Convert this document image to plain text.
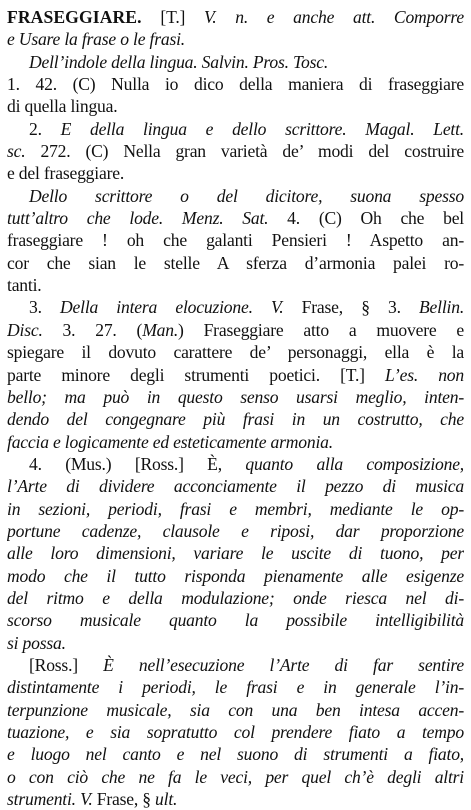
FRASEGGIARE. [T.] V. n. e anche att. Comporre
e Usare la frase o le frasi.
Dell’indole della lingua. Salvin. Pros. Tosc.
1. 42. (C) Nulla io dico della maniera di fraseggiare
di quella lingua.
2. E della lingua e dello scrittore. Magal. Lett.
sc. 272. (C) Nella gran varietà de’ modi del costruire
e del fraseggiare.
Dello scrittore o del dicitore, suona spesso
tutt’altro che lode. Menz. Sat. 4. (C) Oh che bel
fraseggiare ! oh che galanti Pensieri ! Aspetto an-
cor che sian le stelle A sferza d’armonia palei ro-
tanti.
3. Della intera elocuzione. V. Frase, § 3. Bellin.
Disc. 3. 27. (Man.) Fraseggiare atto a muovere e
spiegare il dovuto carattere de’ personaggi, ella è la
parte minore degli strumenti poetici. [T.] L’es. non
bello; ma può in questo senso usarsi meglio, inten-
dendo del congegnare più frasi in un costrutto, che
faccia e logicamente ed esteticamente armonia.
4. (Mus.) [Ross.] È, quanto alla composizione,
l’Arte di dividere acconciamente il pezzo di musica
in sezioni, periodi, frasi e membri, mediante le op-
portune cadenze, clausole e riposi, dar proporzione
alle loro dimensioni, variare le uscite di tuono, per
modo che il tutto risponda pienamente alle esigenze
del ritmo e della modulazione; onde riesca nel di-
scorso musicale quanto la possibile intelligibilità
si possa.
[Ross.] È nell’esecuzione l’Arte di far sentire
distintamente i periodi, le frasi e in generale l’in-
terpunzione musicale, sia con una ben intesa accen-
tuazione, e sia sopratutto col prendere fiato a tempo
e luogo nel canto e nel suono di strumenti a fiato,
o con ciò che ne fa le veci, per quel ch’è degli altri
strumenti. V. Frase, § ult.
